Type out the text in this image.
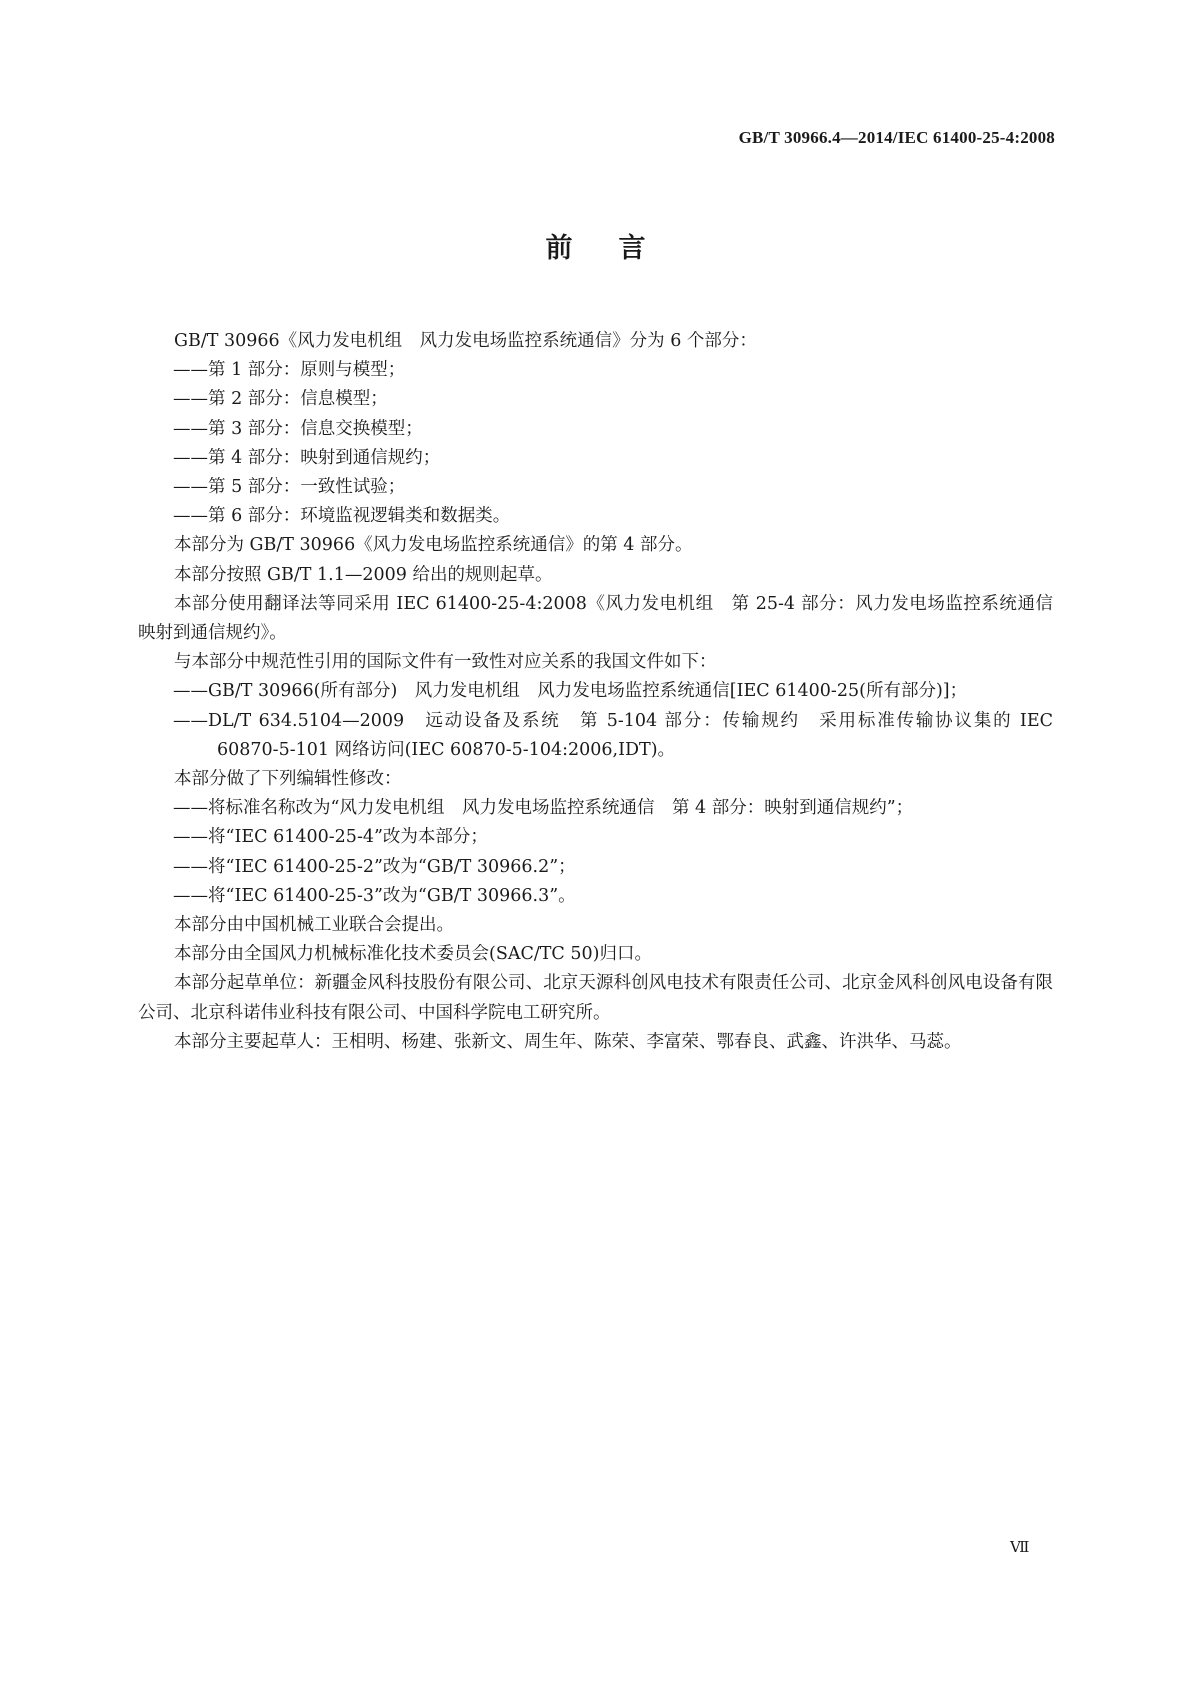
GB/T 30966.4—2014/IEC 61400-25-4:2008
前言

GB/T 30966《风力发电机组　风力发电场监控系统通信》分为 6 个部分：

——第 1 部分：原则与模型；

——第 2 部分：信息模型；

——第 3 部分：信息交换模型；

——第 4 部分：映射到通信规约；

——第 5 部分：一致性试验；

——第 6 部分：环境监视逻辑类和数据类。

本部分为 GB/T 30966《风力发电场监控系统通信》的第 4 部分。

本部分按照 GB/T 1.1—2009 给出的规则起草。

本部分使用翻译法等同采用 IEC 61400-25-4:2008《风力发电机组　第 25-4 部分：风力发电场监控系统通信　映射到通信规约》。

与本部分中规范性引用的国际文件有一致性对应关系的我国文件如下：

——GB/T 30966(所有部分)　风力发电机组　风力发电场监控系统通信[IEC 61400-25(所有部分)]；

——DL/T 634.5104—2009　远动设备及系统　第 5-104 部分：传输规约　采用标准传输协议集的 IEC 60870-5-101 网络访问(IEC 60870-5-104:2006,IDT)。

本部分做了下列编辑性修改：

——将标准名称改为“风力发电机组　风力发电场监控系统通信　第 4 部分：映射到通信规约”；

——将“IEC 61400-25-4”改为本部分；

——将“IEC 61400-25-2”改为“GB/T 30966.2”；

——将“IEC 61400-25-3”改为“GB/T 30966.3”。

本部分由中国机械工业联合会提出。

本部分由全国风力机械标准化技术委员会(SAC/TC 50)归口。

本部分起草单位：新疆金风科技股份有限公司、北京天源科创风电技术有限责任公司、北京金风科创风电设备有限公司、北京科诺伟业科技有限公司、中国科学院电工研究所。

本部分主要起草人：王相明、杨建、张新文、周生年、陈荣、李富荣、鄂春良、武鑫、许洪华、马蕊。

Ⅶ
